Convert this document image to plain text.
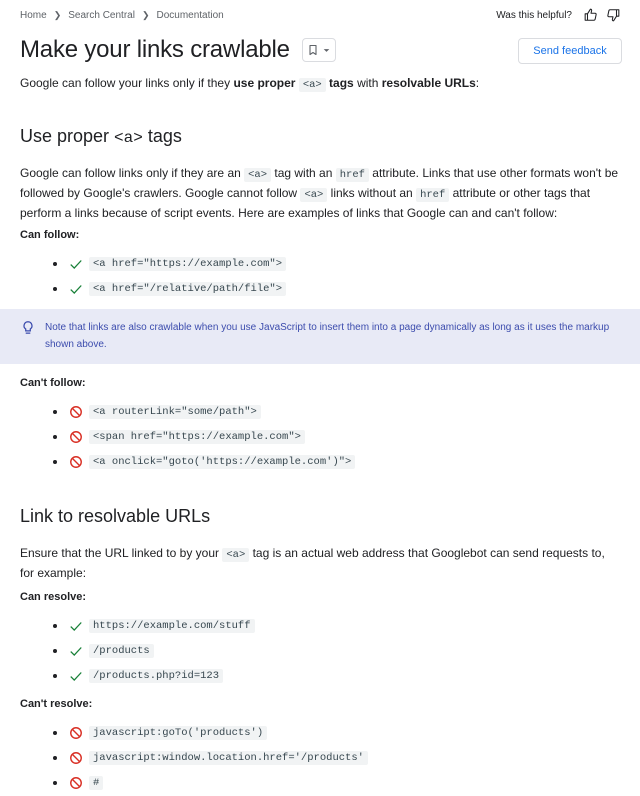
Home ❯ Search Central ❯ Documentation	Was this helpful?
Make your links crawlable	Send feedback

Google can follow your links only if they use proper <a> tags with resolvable URLs:

Use proper <a> tags

Google can follow links only if they are an <a> tag with an href attribute. Links that use other formats won't be followed by Google's crawlers. Google cannot follow <a> links without an href attribute or other tags that perform a links because of script events. Here are examples of links that Google can and can't follow:

Can follow:
<a href="https://example.com">
<a href="/relative/path/file">

Note that links are also crawlable when you use JavaScript to insert them into a page dynamically as long as it uses the markup shown above.

Can't follow:
<a routerLink="some/path">
<span href="https://example.com">
<a onclick="goto('https://example.com')">
Link to resolvable URLs

Ensure that the URL linked to by your <a> tag is an actual web address that Googlebot can send requests to, for example:

Can resolve:
https://example.com/stuff
/products
/products.php?id=123
Can't resolve:
javascript:goTo('products')
javascript:window.location.href='/products'
#
